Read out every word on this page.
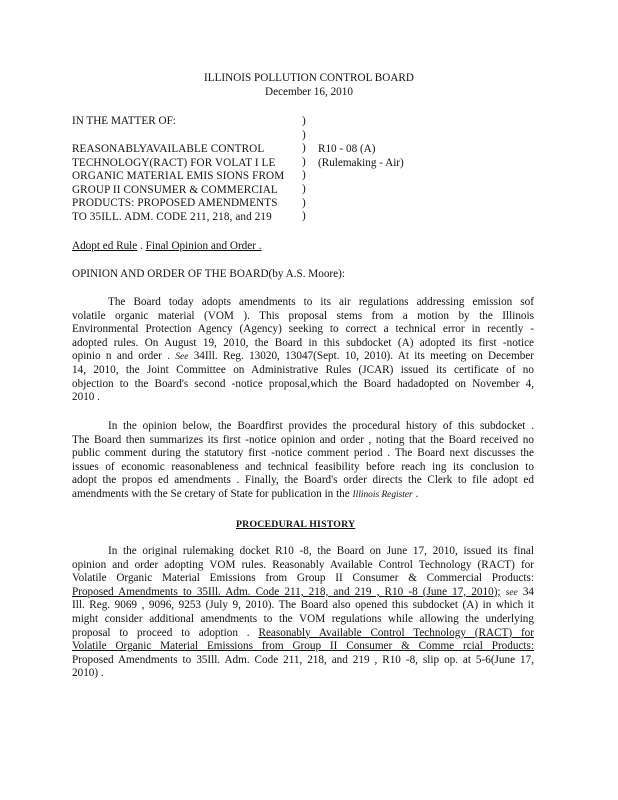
ILLINOIS POLLUTION CONTROL BOARD
December 16, 2010
IN THE MATTER OF:	)
)
)
)
)
)
)
)
REASONABLYAVAILABLE CONTROL
TECHNOLOGY(RACT) FOR VOLAT I LE
ORGANIC MATERIAL EMIS SIONS FROM
GROUP II CONSUMER & COMMERCIAL
PRODUCTS: PROPOSED AMENDMENTS
TO 35ILL. ADM. CODE 211, 218, and 219
R10 - 08 (A)
(Rulemaking - Air)
Adopt ed Rule . Final Opinion and Order .
OPINION AND ORDER OF THE BOARD(by A.S. Moore):
The Board today adopts amendments to its air regulations addressing emission sof
volatile organic material (VOM ). This proposal stems from a motion by the Illinois
Environmental Protection Agency (Agency) seeking to correct a technical error in recently -
adopted rules. On August 19, 2010, the Board in this subdocket (A) adopted its first -notice
opinio n and order . See 34Ill. Reg. 13020, 13047(Sept. 10, 2010). At its meeting on December
14, 2010, the Joint Committee on Administrative Rules (JCAR) issued its certificate of no
objection to the Board's second -notice proposal,which the Board hadadopted on November 4,
2010 .
In the opinion below, the Boardfirst provides the procedural history of this subdocket .
The Board then summarizes its first -notice opinion and order , noting that the Board received no
public comment during the statutory first -notice comment period . The Board next discusses the
issues of economic reasonableness and technical feasibility before reach ing its conclusion to
adopt the propos ed amendments . Finally, the Board's order directs the Clerk to file adopt ed
amendments with the Se cretary of State for publication in the Illinois Register .
PROCEDURAL HISTORY
In the original rulemaking docket R10 -8, the Board on June 17, 2010, issued its final
opinion and order adopting VOM rules. Reasonably Available Control Technology (RACT) for
Volatile Organic Material Emissions from Group II Consumer & Commercial Products:
Proposed Amendments to 35Ill. Adm. Code 211, 218, and 219 , R10 -8 (June 17, 2010); see 34
Ill. Reg. 9069 , 9096, 9253 (July 9, 2010). The Board also opened this subdocket (A) in which it
might consider additional amendments to the VOM regulations while allowing the underlying
proposal to proceed to adoption . Reasonably Available Control Technology (RACT) for
Volatile Organic Material Emissions from Group II Consumer & Comme rcial Products:
Proposed Amendments to 35Ill. Adm. Code 211, 218, and 219 , R10 -8, slip op. at 5-6(June 17,
2010) .
